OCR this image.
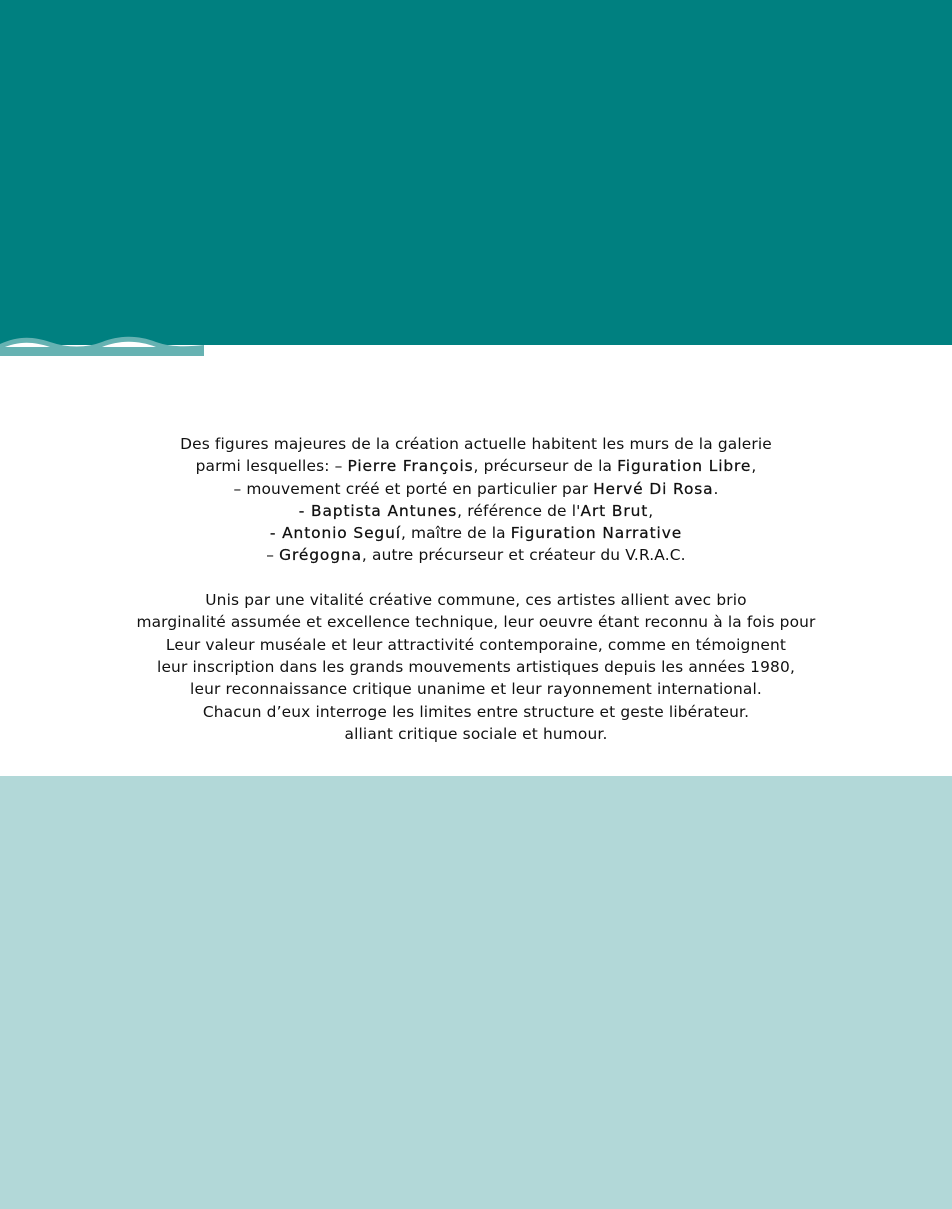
Des figures majeures de la création actuelle habitent les murs de la galerie
parmi lesquelles: – Pierre François, précurseur de la Figuration Libre,
– mouvement créé et porté en particulier par Hervé Di Rosa.
- Baptista Antunes, référence de l'Art Brut,
- Antonio Seguí, maître de la Figuration Narrative
– Grégogna, autre précurseur et créateur du V.R.A.C.
Unis par une vitalité créative commune, ces artistes allient avec brio
marginalité assumée et excellence technique, leur oeuvre étant reconnu à la fois pour
Leur valeur muséale et leur attractivité contemporaine, comme en témoignent
leur inscription dans les grands mouvements artistiques depuis les années 1980,
leur reconnaissance critique unanime et leur rayonnement international.
Chacun d’eux interroge les limites entre structure et geste libérateur.
alliant critique sociale et humour.
